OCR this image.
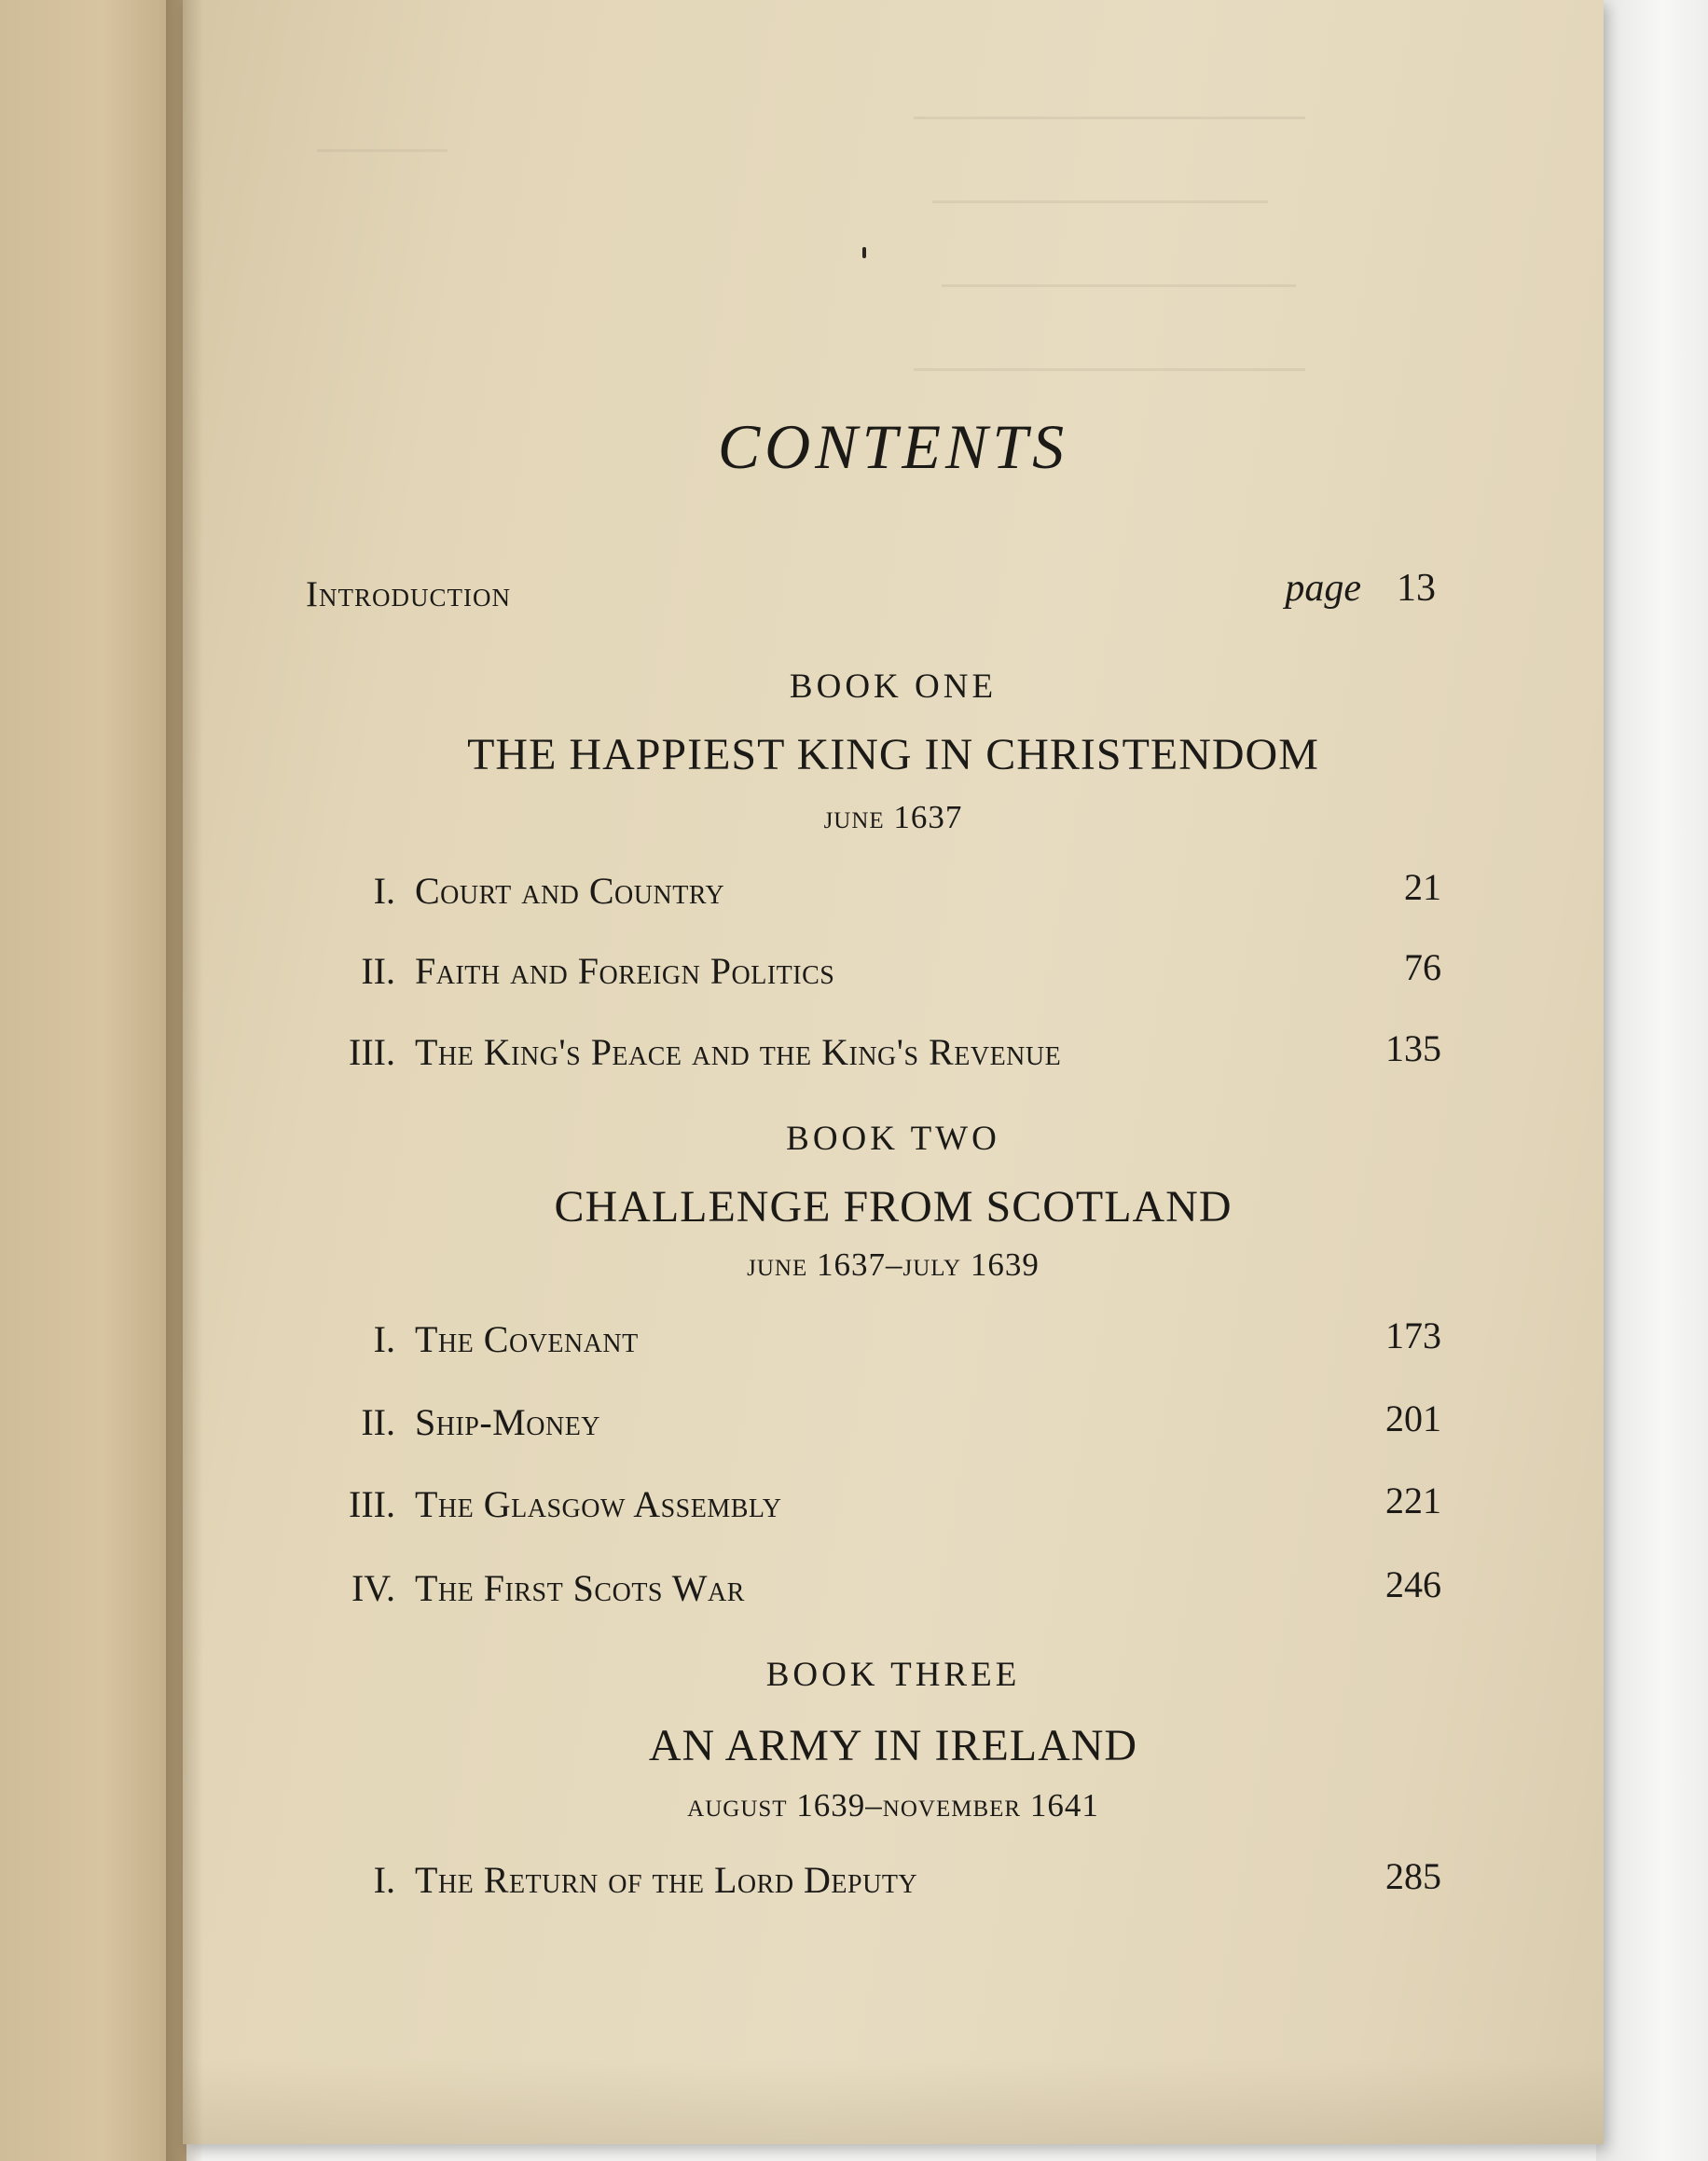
CONTENTS
Introduction	page 13
BOOK ONE
THE HAPPIEST KING IN CHRISTENDOM
june 1637
I. Court and Country	21
II. Faith and Foreign Politics	76
III. The King's Peace and the King's Revenue	135
BOOK TWO
CHALLENGE FROM SCOTLAND
june 1637–july 1639
I. The Covenant	173
II. Ship-Money	201
III. The Glasgow Assembly	221
IV. The First Scots War	246
BOOK THREE
AN ARMY IN IRELAND
august 1639–november 1641
I. The Return of the Lord Deputy	285
